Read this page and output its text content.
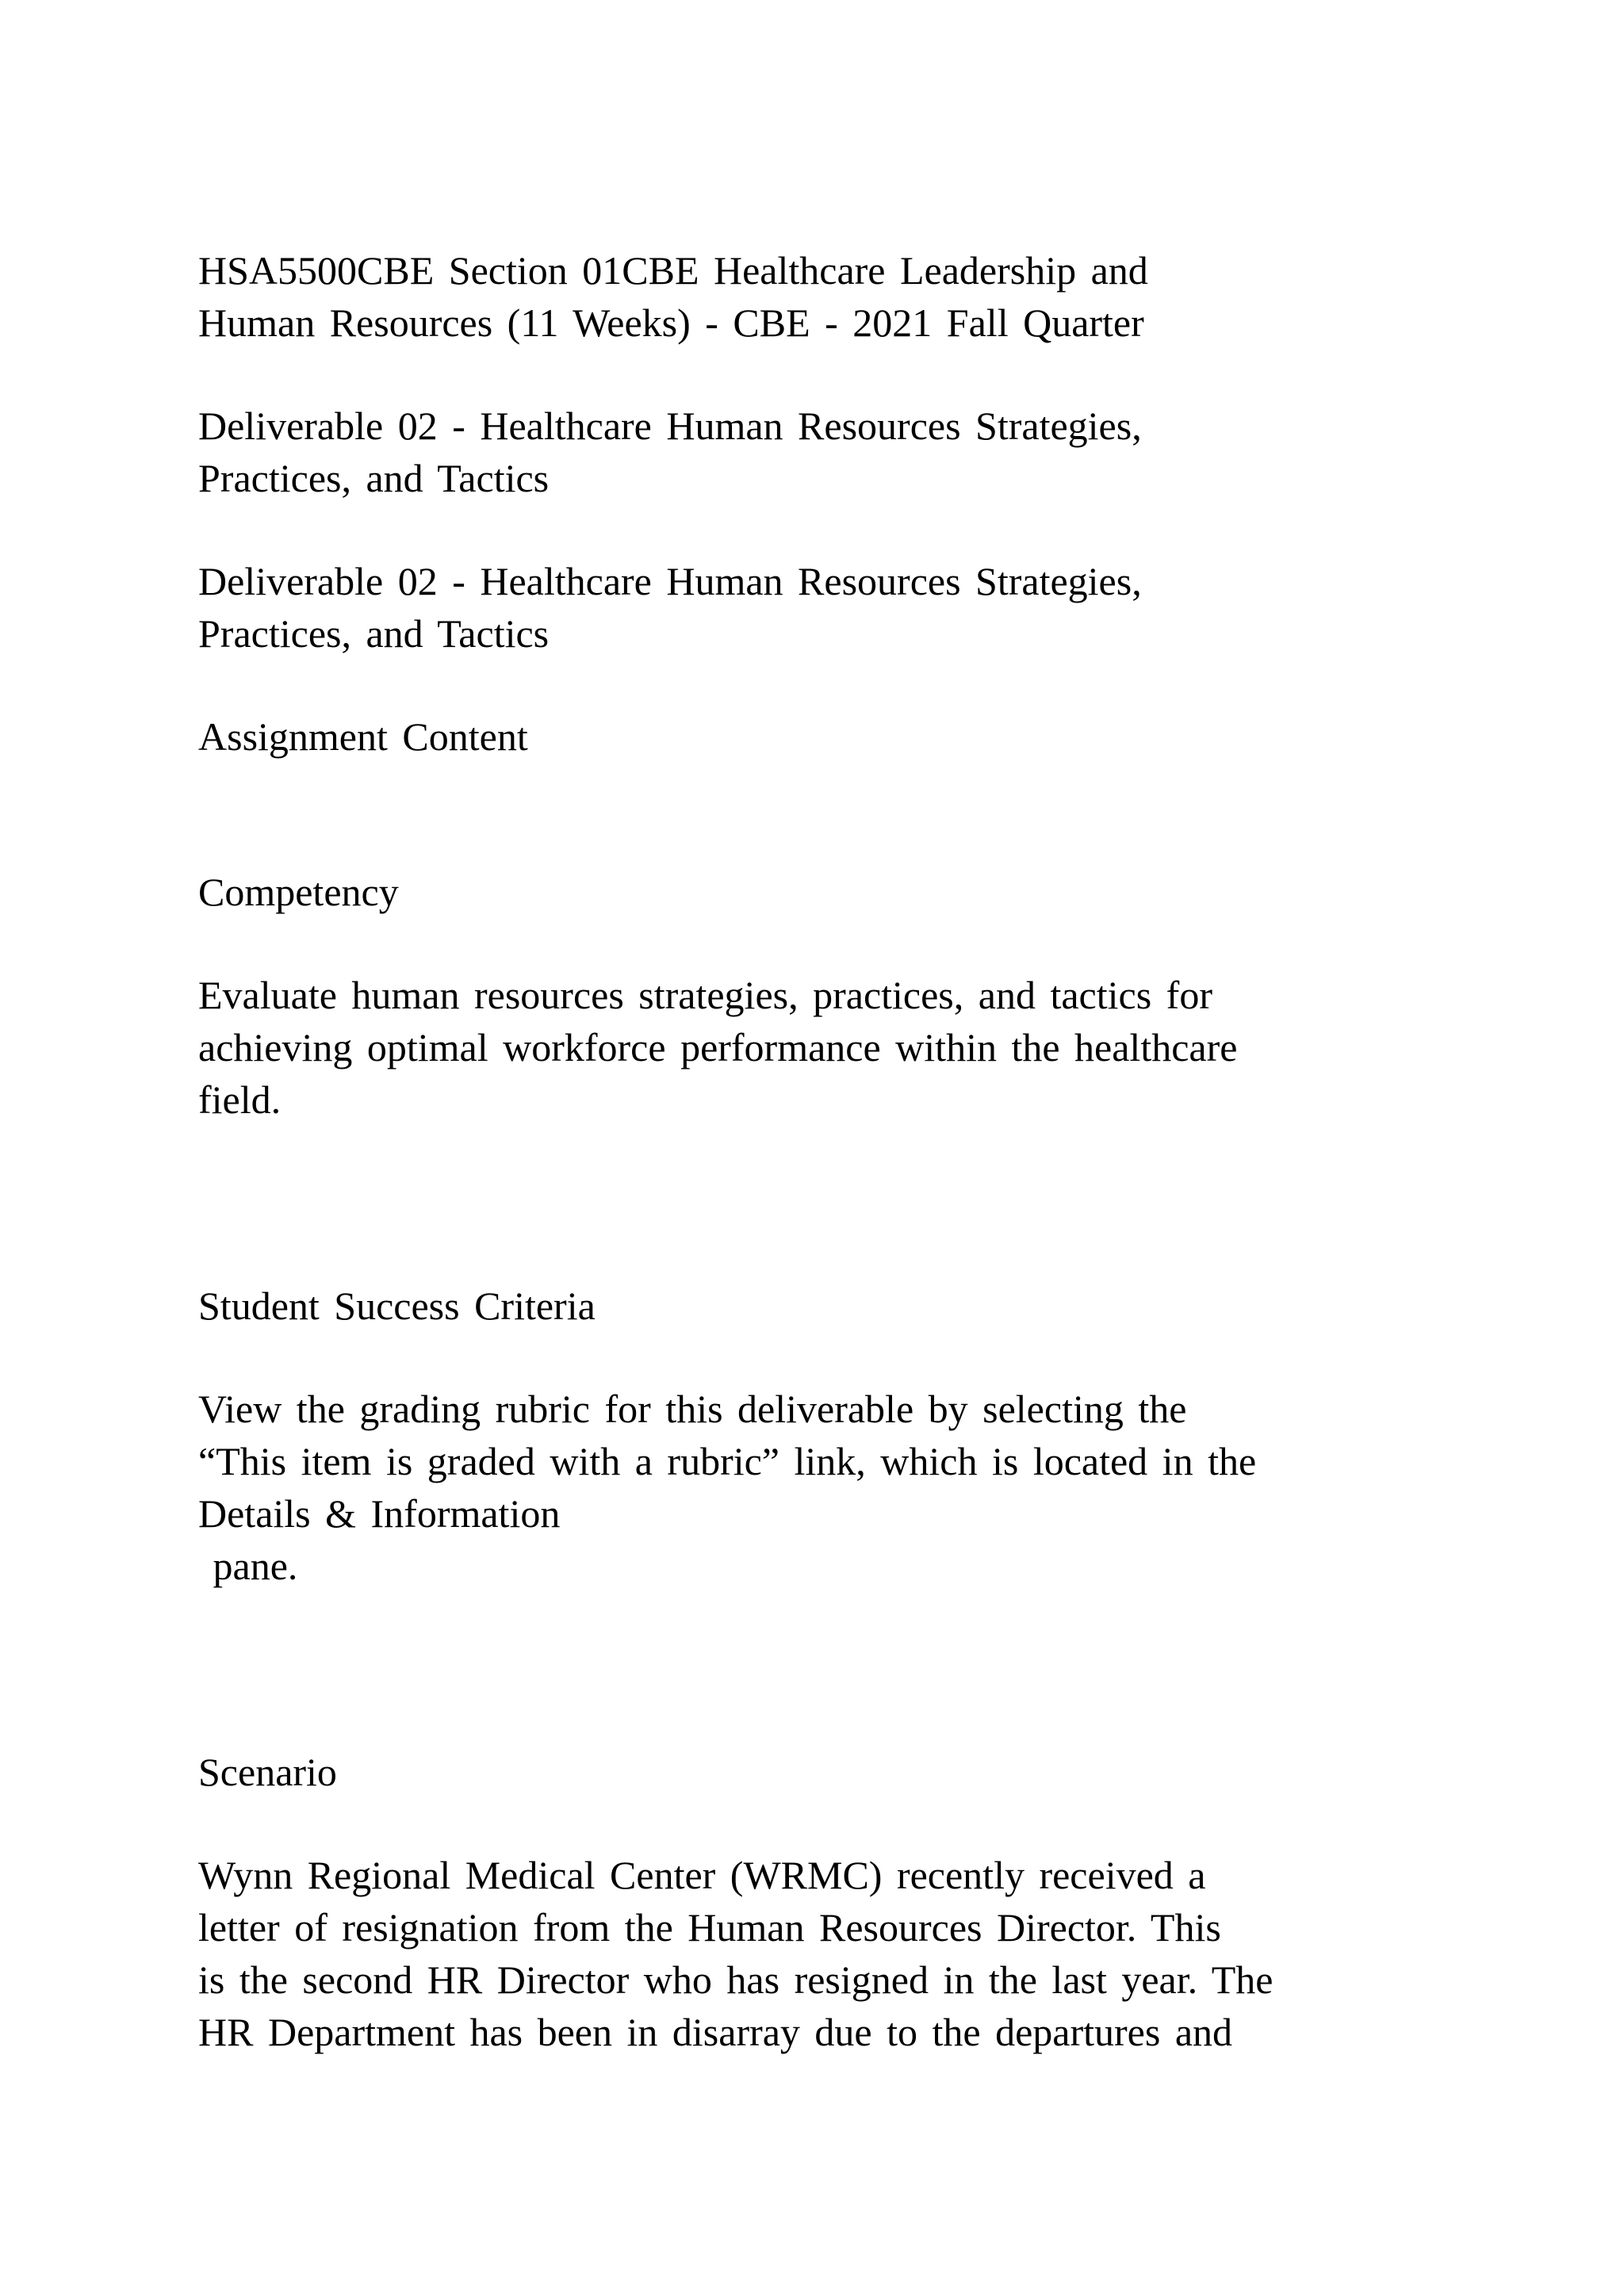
HSA5500CBE Section 01CBE Healthcare Leadership and
Human Resources (11 Weeks) - CBE - 2021 Fall Quarter

Deliverable 02 - Healthcare Human Resources Strategies,
Practices, and Tactics

Deliverable 02 - Healthcare Human Resources Strategies,
Practices, and Tactics

Assignment Content

Competency

Evaluate human resources strategies, practices, and tactics for
achieving optimal workforce performance within the healthcare
field.

Student Success Criteria

View the grading rubric for this deliverable by selecting the
“This item is graded with a rubric” link, which is located in the
Details & Information
pane.

Scenario

Wynn Regional Medical Center (WRMC) recently received a
letter of resignation from the Human Resources Director. This
is the second HR Director who has resigned in the last year. The
HR Department has been in disarray due to the departures and
